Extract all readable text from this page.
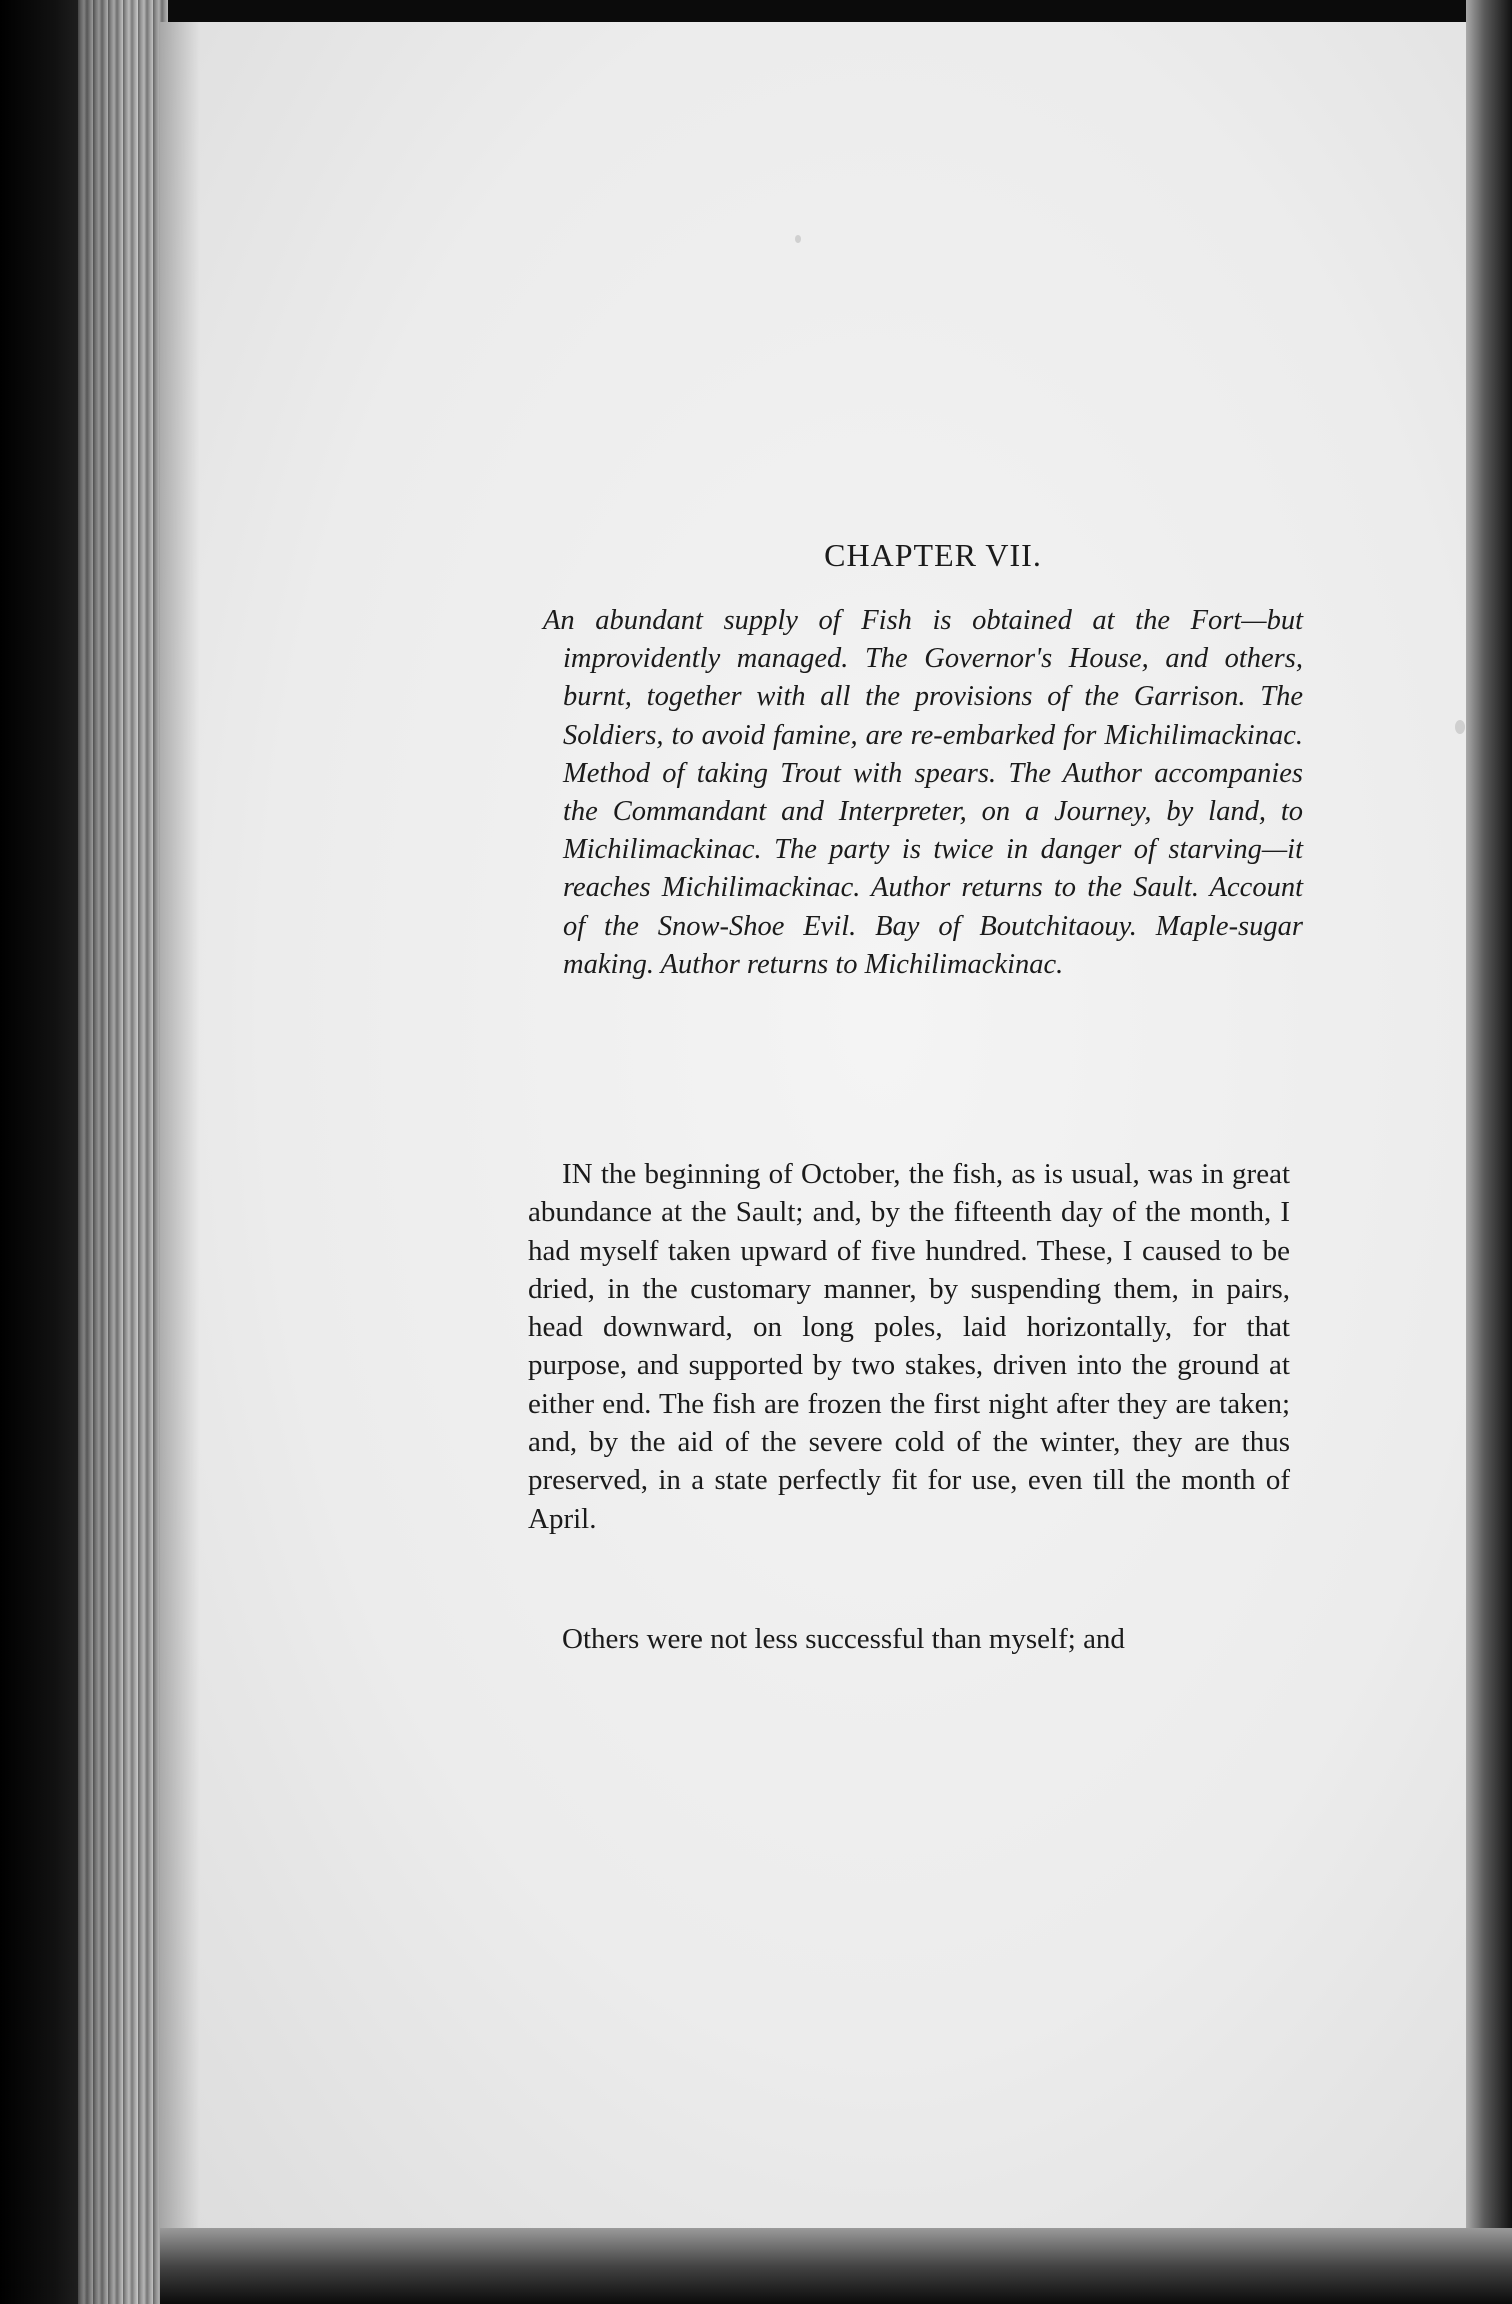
CHAPTER VII.

An abundant supply of Fish is obtained at the Fort—but improvidently managed. The Governor's House, and others, burnt, together with all the provisions of the Garrison. The Soldiers, to avoid famine, are re-embarked for Michilimackinac. Method of taking Trout with spears. The Author accompanies the Commandant and Interpreter, on a Journey, by land, to Michilimackinac. The party is twice in danger of starving—it reaches Michilimackinac. Author returns to the Sault. Account of the Snow-Shoe Evil. Bay of Boutchitaouy. Maple-sugar making. Author returns to Michilimackinac.

IN the beginning of October, the fish, as is usual, was in great abundance at the Sault; and, by the fifteenth day of the month, I had myself taken upward of five hundred. These, I caused to be dried, in the customary manner, by suspending them, in pairs, head downward, on long poles, laid horizontally, for that purpose, and supported by two stakes, driven into the ground at either end. The fish are frozen the first night after they are taken; and, by the aid of the severe cold of the winter, they are thus preserved, in a state perfectly fit for use, even till the month of April.

Others were not less successful than myself; and
